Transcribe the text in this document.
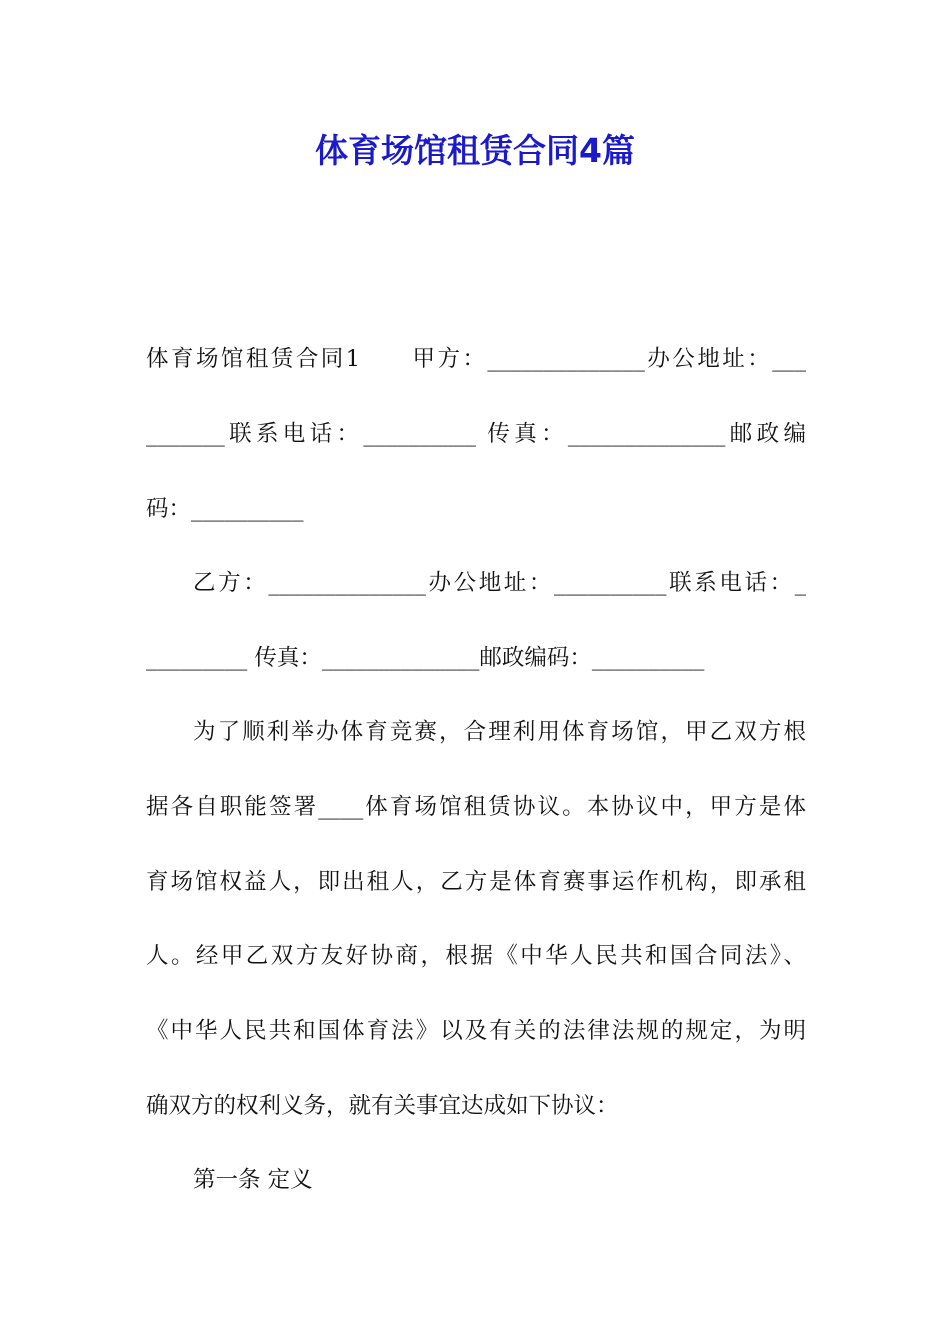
体育场馆租赁合同4篇
体育场馆租赁合同1　　甲方：______________办公地址：___
_______联系电话：__________ 传真：______________邮政编
码：__________
乙方：______________办公地址：__________联系电话：_
_________ 传真：______________邮政编码：__________
为了顺利举办体育竞赛，合理利用体育场馆，甲乙双方根
据各自职能签署____体育场馆租赁协议。本协议中，甲方是体
育场馆权益人，即出租人，乙方是体育赛事运作机构，即承租
人。经甲乙双方友好协商，根据《中华人民共和国合同法》、
《中华人民共和国体育法》以及有关的法律法规的规定，为明
确双方的权利义务，就有关事宜达成如下协议：
第一条 定义
